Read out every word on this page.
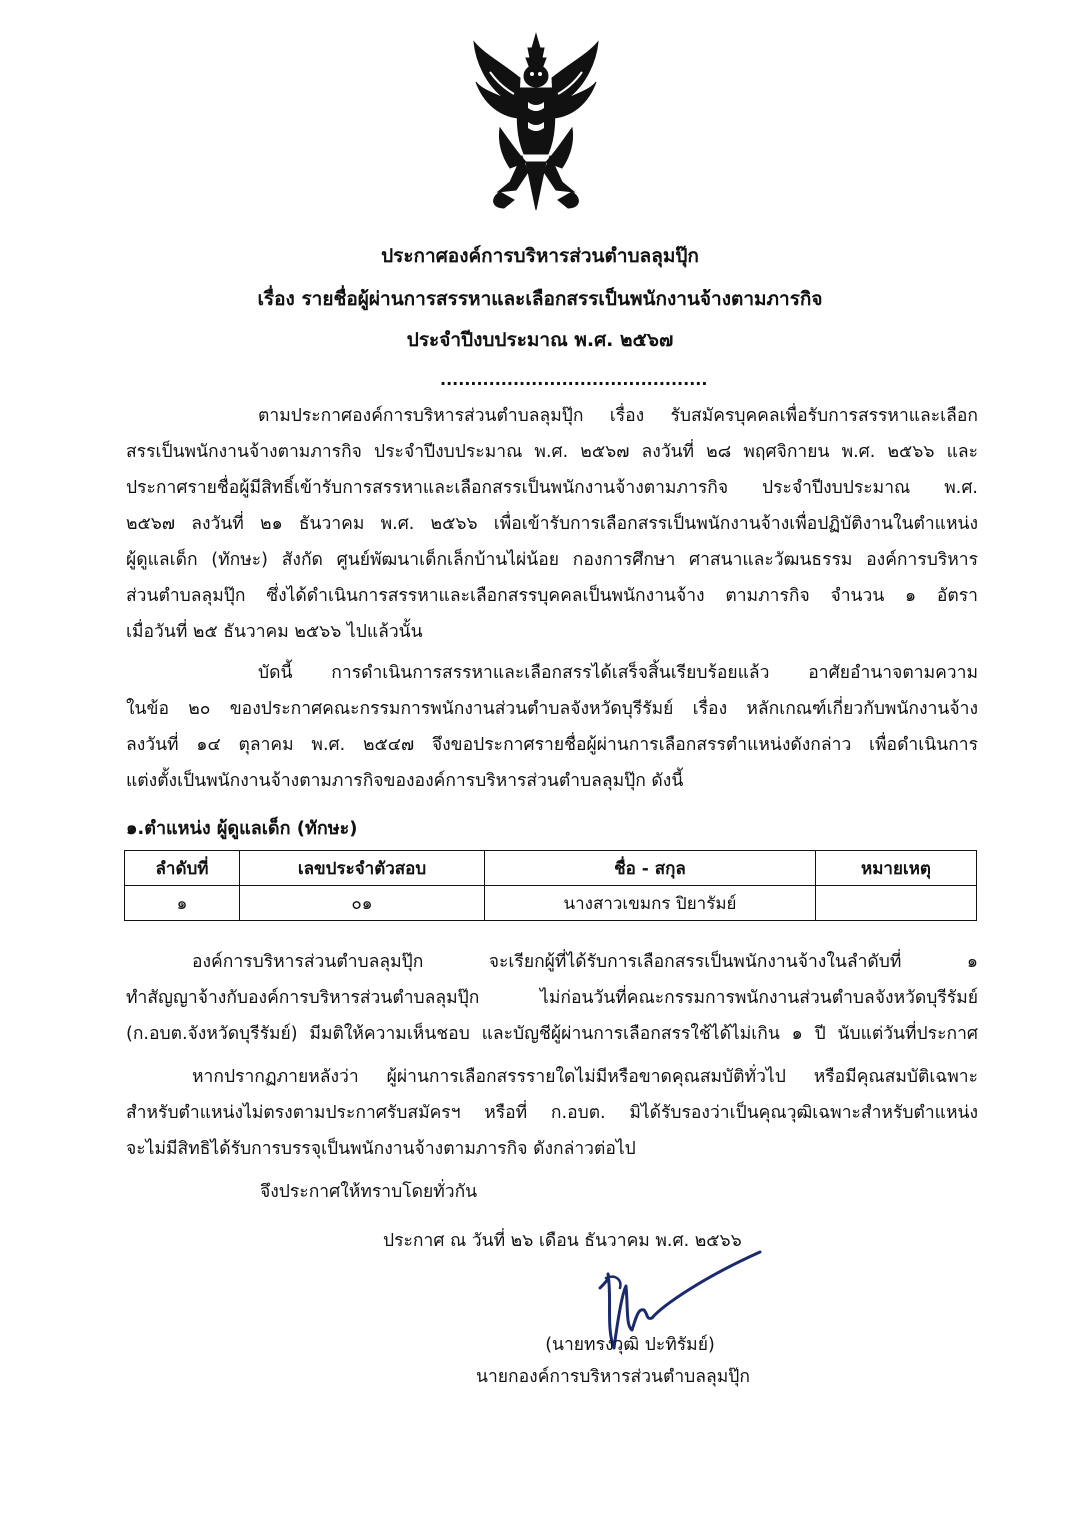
ประกาศองค์การบริหารส่วนตำบลลุมปุ๊ก
เรื่อง รายชื่อผู้ผ่านการสรรหาและเลือกสรรเป็นพนักงานจ้างตามภารกิจ
ประจำปีงบประมาณ พ.ศ. ๒๕๖๗
............................................
ตามประกาศองค์การบริหารส่วนตำบลลุมปุ๊ก เรื่อง รับสมัครบุคคลเพื่อรับการสรรหาและเลือก
สรรเป็นพนักงานจ้างตามภารกิจ ประจำปีงบประมาณ พ.ศ. ๒๕๖๗ ลงวันที่ ๒๘ พฤศจิกายน พ.ศ. ๒๕๖๖ และ
ประกาศรายชื่อผู้มีสิทธิ์เข้ารับการสรรหาและเลือกสรรเป็นพนักงานจ้างตามภารกิจ ประจำปีงบประมาณ พ.ศ.
๒๕๖๗ ลงวันที่ ๒๑ ธันวาคม พ.ศ. ๒๕๖๖ เพื่อเข้ารับการเลือกสรรเป็นพนักงานจ้างเพื่อปฏิบัติงานในตำแหน่ง
ผู้ดูแลเด็ก (ทักษะ) สังกัด ศูนย์พัฒนาเด็กเล็กบ้านไผ่น้อย กองการศึกษา ศาสนาและวัฒนธรรม องค์การบริหาร
ส่วนตำบลลุมปุ๊ก ซึ่งได้ดำเนินการสรรหาและเลือกสรรบุคคลเป็นพนักงานจ้าง ตามภารกิจ จำนวน ๑ อัตรา
เมื่อวันที่ ๒๕ ธันวาคม ๒๕๖๖ ไปแล้วนั้น
บัดนี้ การดำเนินการสรรหาและเลือกสรรได้เสร็จสิ้นเรียบร้อยแล้ว อาศัยอำนาจตามความ
ในข้อ ๒๐ ของประกาศคณะกรรมการพนักงานส่วนตำบลจังหวัดบุรีรัมย์ เรื่อง หลักเกณฑ์เกี่ยวกับพนักงานจ้าง
ลงวันที่ ๑๔ ตุลาคม พ.ศ. ๒๕๔๗ จึงขอประกาศรายชื่อผู้ผ่านการเลือกสรรตำแหน่งดังกล่าว เพื่อดำเนินการ
แต่งตั้งเป็นพนักงานจ้างตามภารกิจขององค์การบริหารส่วนตำบลลุมปุ๊ก ดังนี้
๑.ตำแหน่ง ผู้ดูแลเด็ก (ทักษะ)
ลำดับที่	เลขประจำตัวสอบ	ชื่อ - สกุล	หมายเหตุ
๑	๐๑	นางสาวเขมกร ปิยารัมย์	
องค์การบริหารส่วนตำบลลุมปุ๊ก จะเรียกผู้ที่ได้รับการเลือกสรรเป็นพนักงานจ้างในลำดับที่ ๑
ทำสัญญาจ้างกับองค์การบริหารส่วนตำบลลุมปุ๊ก ไม่ก่อนวันที่คณะกรรมการพนักงานส่วนตำบลจังหวัดบุรีรัมย์
(ก.อบต.จังหวัดบุรีรัมย์) มีมติให้ความเห็นชอบ และบัญชีผู้ผ่านการเลือกสรรใช้ได้ไม่เกิน ๑ ปี นับแต่วันที่ประกาศ
หากปรากฏภายหลังว่า ผู้ผ่านการเลือกสรรรายใดไม่มีหรือขาดคุณสมบัติทั่วไป หรือมีคุณสมบัติเฉพาะ
สำหรับตำแหน่งไม่ตรงตามประกาศรับสมัครฯ หรือที่ ก.อบต. มิได้รับรองว่าเป็นคุณวุฒิเฉพาะสำหรับตำแหน่ง
จะไม่มีสิทธิได้รับการบรรจุเป็นพนักงานจ้างตามภารกิจ ดังกล่าวต่อไป
จึงประกาศให้ทราบโดยทั่วกัน
ประกาศ ณ วันที่ ๒๖ เดือน ธันวาคม พ.ศ. ๒๕๖๖
(นายทรงวุฒิ ปะทิรัมย์)
นายกองค์การบริหารส่วนตำบลลุมปุ๊ก
